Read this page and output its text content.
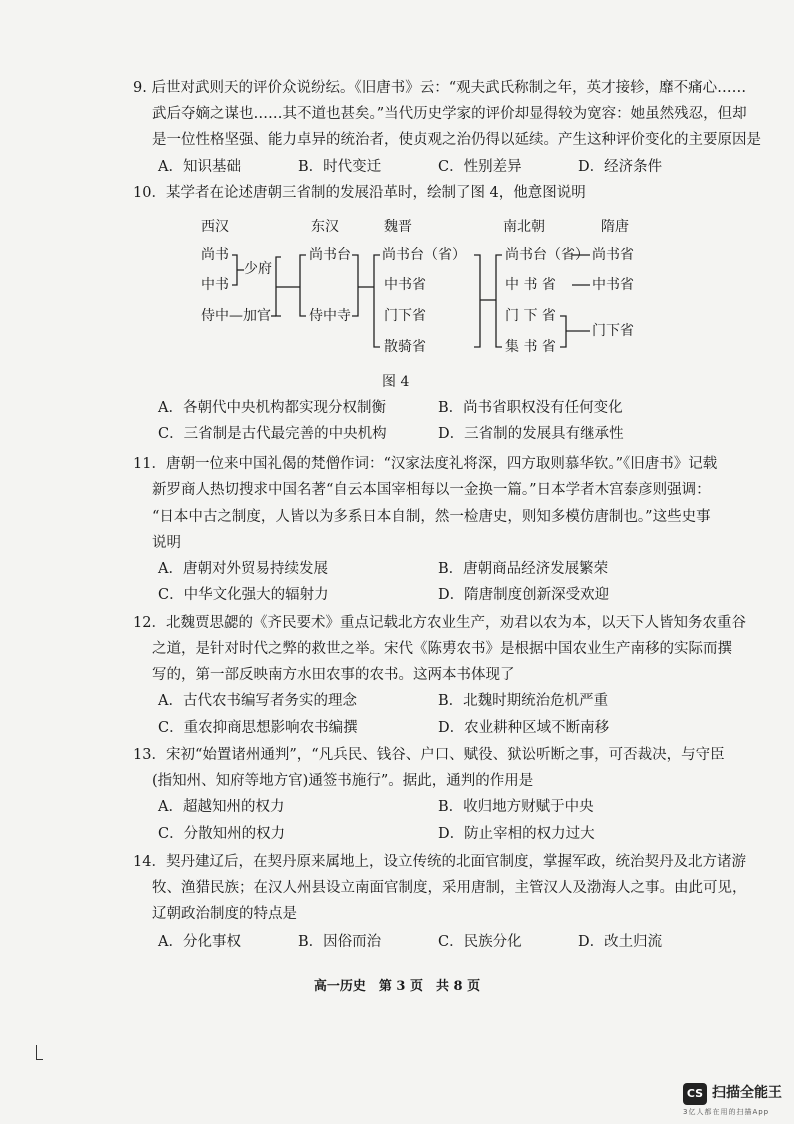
9. 后世对武则天的评价众说纷纭。《旧唐书》云：“观夫武氏称制之年，英才接轸，靡不痛心……
武后夺嫡之谋也……其不道也甚矣。”当代历史学家的评价却显得较为宽容：她虽然残忍，但却
是一位性格坚强、能力卓异的统治者，使贞观之治仍得以延续。产生这种评价变化的主要原因是
A．知识基础	B．时代变迁	C．性别差异	D．经济条件
10．某学者在论述唐朝三省制的发展沿革时，绘制了图 4，他意图说明
西汉	东汉	魏晋	南北朝	隋唐
尚书
中书
侍中—加官
少府
尚书台
侍中寺
尚书台（省）
中书省
门下省
散骑省
尚书台（省）
中 书 省
门 下 省
集 书 省
尚书省
中书省
门下省
图 4
A．各朝代中央机构都实现分权制衡	B．尚书省职权没有任何变化
C．三省制是古代最完善的中央机构	D．三省制的发展具有继承性
11．唐朝一位来中国礼偈的梵僧作词：“汉家法度礼将深，四方取则慕华钦。”《旧唐书》记载
新罗商人热切搜求中国名著“自云本国宰相每以一金换一篇。”日本学者木宫泰彦则强调：
“日本中古之制度，人皆以为多系日本自制，然一检唐史，则知多模仿唐制也。”这些史事
说明
A．唐朝对外贸易持续发展	B．唐朝商品经济发展繁荣
C．中华文化强大的辐射力	D．隋唐制度创新深受欢迎
12．北魏贾思勰的《齐民要术》重点记载北方农业生产，劝君以农为本，以天下人皆知务农重谷
之道，是针对时代之弊的救世之举。宋代《陈旉农书》是根据中国农业生产南移的实际而撰
写的，第一部反映南方水田农事的农书。这两本书体现了
A．古代农书编写者务实的理念	B．北魏时期统治危机严重
C．重农抑商思想影响农书编撰	D．农业耕种区域不断南移
13．宋初“始置诸州通判”，“凡兵民、钱谷、户口、赋役、狱讼听断之事，可否裁决，与守臣
(指知州、知府等地方官)通签书施行”。据此，通判的作用是
A．超越知州的权力	B．收归地方财赋于中央
C．分散知州的权力	D．防止宰相的权力过大
14．契丹建辽后，在契丹原来属地上，设立传统的北面官制度，掌握军政，统治契丹及北方诸游
牧、渔猎民族；在汉人州县设立南面官制度，采用唐制，主管汉人及渤海人之事。由此可见，
辽朝政治制度的特点是
A．分化事权	B．因俗而治	C．民族分化	D．改土归流
高一历史　第 3 页　共 8 页
CS 扫描全能王
3亿人都在用的扫描App
